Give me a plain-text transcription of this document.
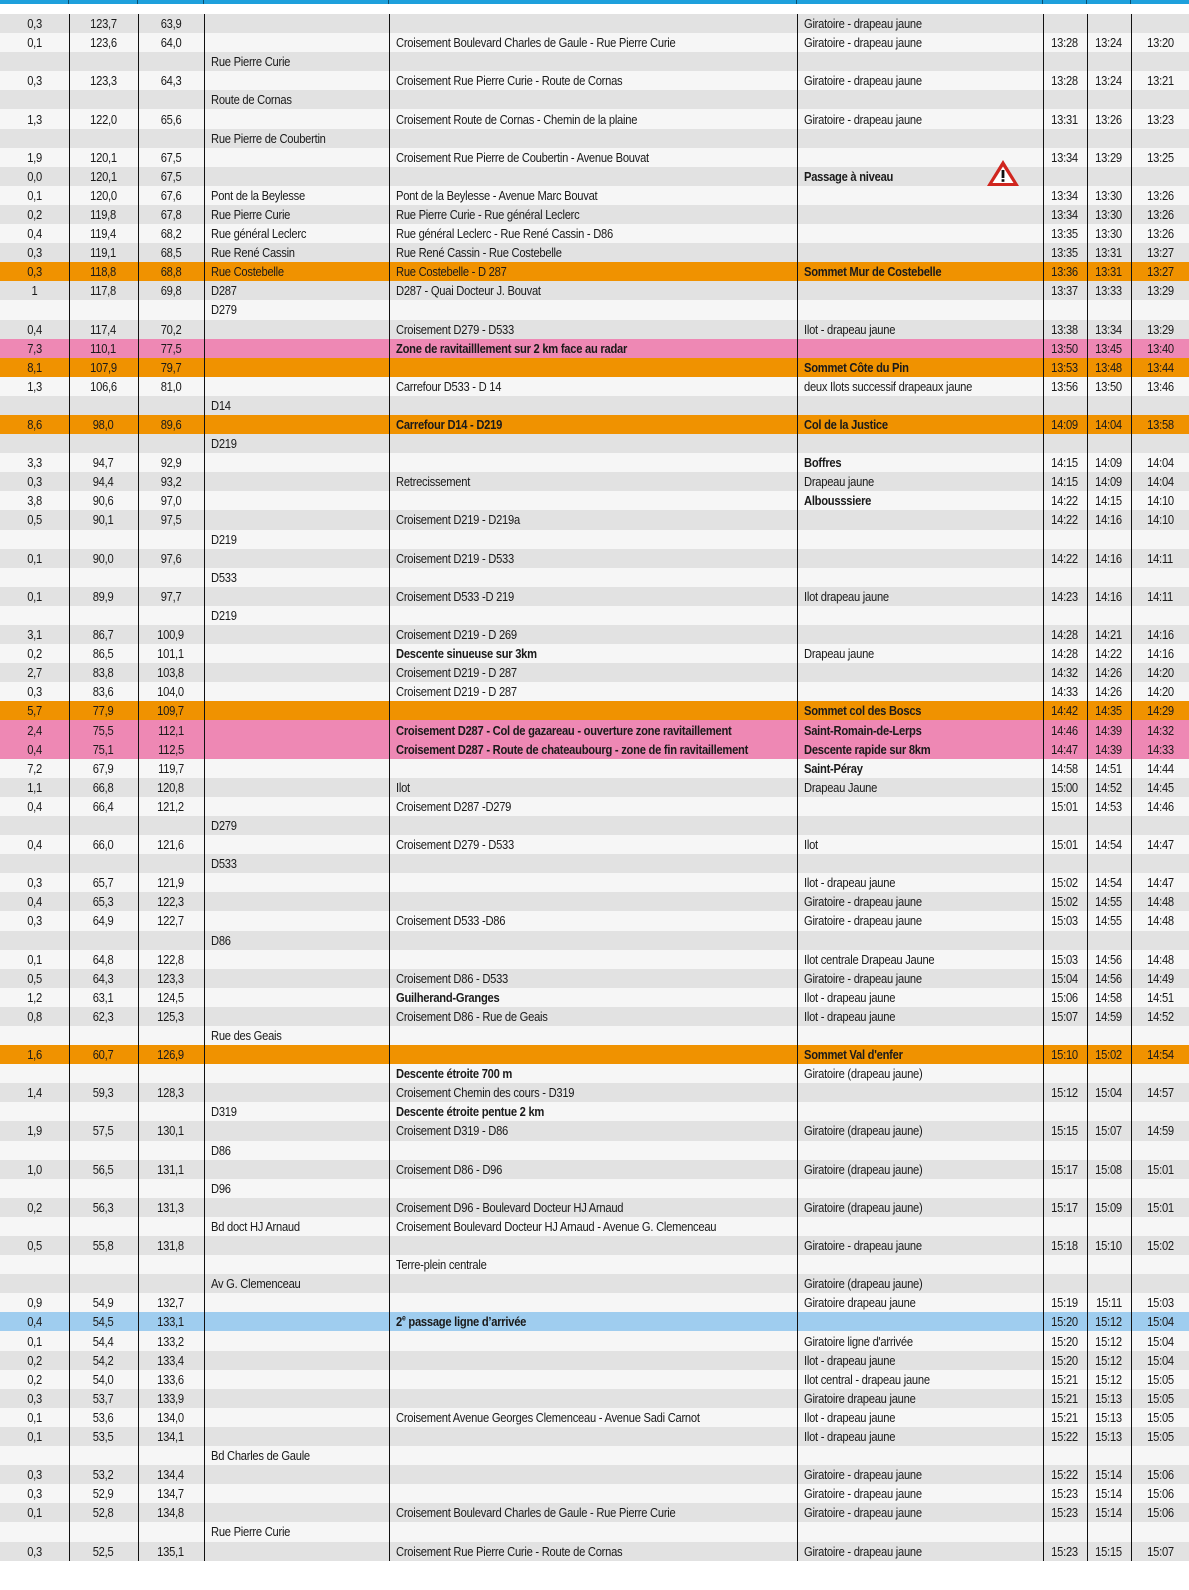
0,3	123,7	63,9			Giratoire - drapeau jaune			
0,1	123,6	64,0		Croisement Boulevard Charles de Gaule - Rue Pierre Curie	Giratoire - drapeau jaune	13:28	13:24	13:20
			Rue Pierre Curie					
0,3	123,3	64,3		Croisement Rue Pierre Curie - Route de Cornas	Giratoire - drapeau jaune	13:28	13:24	13:21
			Route de Cornas					
1,3	122,0	65,6		Croisement Route de Cornas - Chemin de la plaine	Giratoire - drapeau jaune	13:31	13:26	13:23
			Rue Pierre de Coubertin					
1,9	120,1	67,5		Croisement Rue Pierre de Coubertin - Avenue Bouvat		13:34	13:29	13:25
0,0	120,1	67,5			Passage à niveau			
0,1	120,0	67,6	Pont de la Beylesse	Pont de la Beylesse - Avenue Marc Bouvat		13:34	13:30	13:26
0,2	119,8	67,8	Rue Pierre Curie	Rue Pierre Curie - Rue général Leclerc		13:34	13:30	13:26
0,4	119,4	68,2	Rue général Leclerc	Rue général Leclerc - Rue René Cassin - D86		13:35	13:30	13:26
0,3	119,1	68,5	Rue René Cassin	Rue René Cassin - Rue Costebelle		13:35	13:31	13:27
0,3	118,8	68,8	Rue Costebelle	Rue Costebelle - D 287	Sommet Mur de Costebelle	13:36	13:31	13:27
1	117,8	69,8	D287	D287 - Quai Docteur J. Bouvat		13:37	13:33	13:29
			D279					
0,4	117,4	70,2		Croisement D279 - D533	Ilot - drapeau jaune	13:38	13:34	13:29
7,3	110,1	77,5		Zone de ravitailllement sur 2 km face au radar		13:50	13:45	13:40
8,1	107,9	79,7			Sommet Côte du Pin	13:53	13:48	13:44
1,3	106,6	81,0		Carrefour D533 - D 14	deux Ilots successif drapeaux jaune	13:56	13:50	13:46
			D14					
8,6	98,0	89,6		Carrefour D14 - D219	Col de la Justice	14:09	14:04	13:58
			D219					
3,3	94,7	92,9			Boffres	14:15	14:09	14:04
0,3	94,4	93,2		Retrecissement	Drapeau jaune	14:15	14:09	14:04
3,8	90,6	97,0			Albousssiere	14:22	14:15	14:10
0,5	90,1	97,5		Croisement D219 - D219a		14:22	14:16	14:10
			D219					
0,1	90,0	97,6		Croisement D219 - D533		14:22	14:16	14:11
			D533					
0,1	89,9	97,7		Croisement D533 -D 219	Ilot drapeau jaune	14:23	14:16	14:11
			D219					
3,1	86,7	100,9		Croisement D219 - D 269		14:28	14:21	14:16
0,2	86,5	101,1		Descente sinueuse sur 3km	Drapeau jaune	14:28	14:22	14:16
2,7	83,8	103,8		Croisement D219 - D 287		14:32	14:26	14:20
0,3	83,6	104,0		Croisement D219 - D 287		14:33	14:26	14:20
5,7	77,9	109,7			Sommet col des Boscs	14:42	14:35	14:29
2,4	75,5	112,1		Croisement D287 - Col de gazareau - ouverture zone ravitaillement	Saint-Romain-de-Lerps	14:46	14:39	14:32
0,4	75,1	112,5		Croisement D287 - Route de chateaubourg - zone de fin ravitaillement	Descente rapide sur 8km	14:47	14:39	14:33
7,2	67,9	119,7			Saint-Péray	14:58	14:51	14:44
1,1	66,8	120,8		Ilot	Drapeau Jaune	15:00	14:52	14:45
0,4	66,4	121,2		Croisement D287 -D279		15:01	14:53	14:46
			D279					
0,4	66,0	121,6		Croisement D279 - D533	Ilot	15:01	14:54	14:47
			D533					
0,3	65,7	121,9			Ilot - drapeau jaune	15:02	14:54	14:47
0,4	65,3	122,3			Giratoire - drapeau jaune	15:02	14:55	14:48
0,3	64,9	122,7		Croisement D533 -D86	Giratoire - drapeau jaune	15:03	14:55	14:48
			D86					
0,1	64,8	122,8			Ilot centrale Drapeau Jaune	15:03	14:56	14:48
0,5	64,3	123,3		Croisement D86 - D533	Giratoire - drapeau jaune	15:04	14:56	14:49
1,2	63,1	124,5		Guilherand-Granges	Ilot - drapeau jaune	15:06	14:58	14:51
0,8	62,3	125,3		Croisement D86 - Rue de Geais	Ilot - drapeau jaune	15:07	14:59	14:52
			Rue des Geais					
1,6	60,7	126,9			Sommet Val d'enfer	15:10	15:02	14:54
				Descente étroite 700 m	Giratoire (drapeau jaune)			
1,4	59,3	128,3		Croisement Chemin des cours - D319		15:12	15:04	14:57
			D319	Descente étroite pentue 2 km				
1,9	57,5	130,1		Croisement D319 - D86	Giratoire (drapeau jaune)	15:15	15:07	14:59
			D86					
1,0	56,5	131,1		Croisement D86 - D96	Giratoire (drapeau jaune)	15:17	15:08	15:01
			D96					
0,2	56,3	131,3		Croisement D96 - Boulevard Docteur HJ Arnaud	Giratoire (drapeau jaune)	15:17	15:09	15:01
			Bd doct HJ Arnaud	Croisement Boulevard Docteur HJ Arnaud - Avenue G. Clemenceau				
0,5	55,8	131,8			Giratoire - drapeau jaune	15:18	15:10	15:02
				Terre-plein centrale				
			Av G. Clemenceau		Giratoire (drapeau jaune)			
0,9	54,9	132,7			Giratoire drapeau jaune	15:19	15:11	15:03
0,4	54,5	133,1		2e passage ligne d’arrivée		15:20	15:12	15:04
0,1	54,4	133,2			Giratoire ligne d'arrivée	15:20	15:12	15:04
0,2	54,2	133,4			Ilot - drapeau jaune	15:20	15:12	15:04
0,2	54,0	133,6			Ilot central - drapeau jaune	15:21	15:12	15:05
0,3	53,7	133,9			Giratoire drapeau jaune	15:21	15:13	15:05
0,1	53,6	134,0		Croisement Avenue Georges Clemenceau - Avenue Sadi Carnot	Ilot - drapeau jaune	15:21	15:13	15:05
0,1	53,5	134,1			Ilot - drapeau jaune	15:22	15:13	15:05
			Bd Charles de Gaule					
0,3	53,2	134,4			Giratoire - drapeau jaune	15:22	15:14	15:06
0,3	52,9	134,7			Giratoire - drapeau jaune	15:23	15:14	15:06
0,1	52,8	134,8		Croisement Boulevard Charles de Gaule - Rue Pierre Curie	Giratoire - drapeau jaune	15:23	15:14	15:06
			Rue Pierre Curie					
0,3	52,5	135,1		Croisement Rue Pierre Curie - Route de Cornas	Giratoire - drapeau jaune	15:23	15:15	15:07
